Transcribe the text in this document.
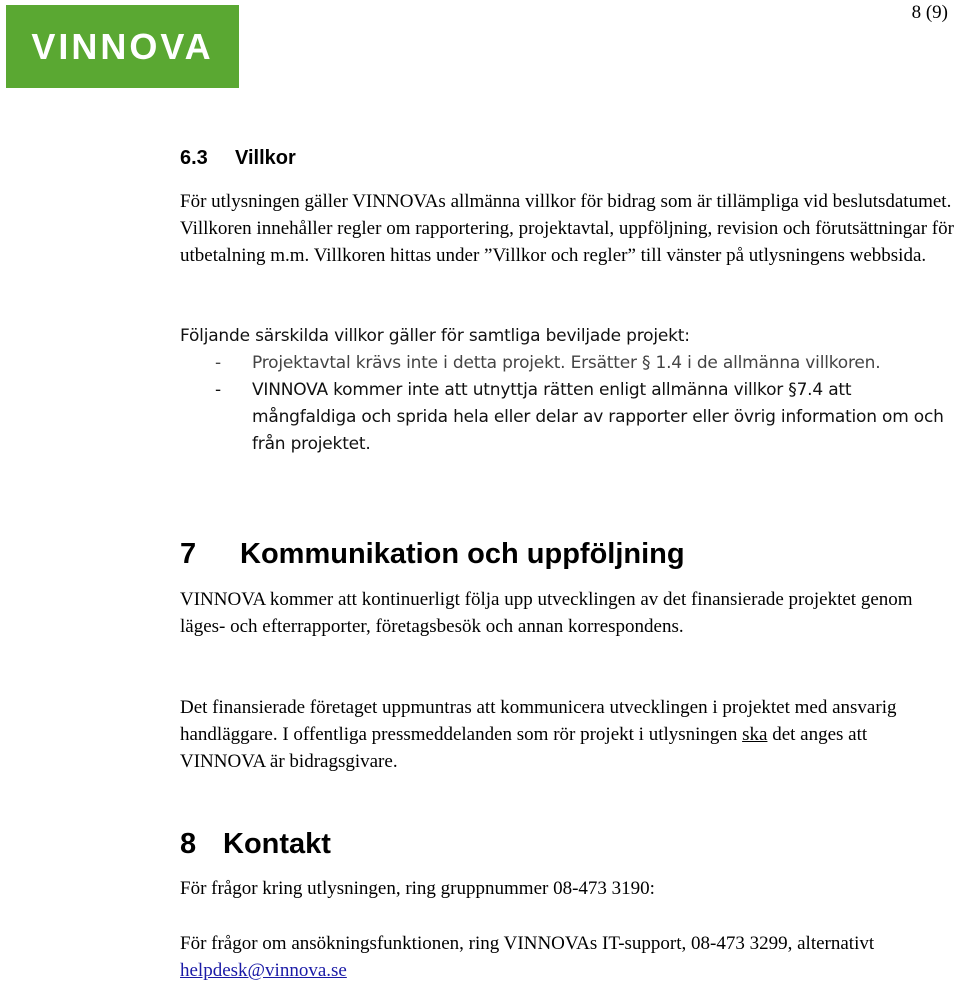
VINNOVA
8 (9)
6.3 Villkor

För utlysningen gäller VINNOVAs allmänna villkor för bidrag som är tillämpliga vid beslutsdatumet. Villkoren innehåller regler om rapportering, projektavtal, uppföljning, revision och förutsättningar för utbetalning m.m. Villkoren hittas under ”Villkor och regler” till vänster på utlysningens webbsida.

Följande särskilda villkor gäller för samtliga beviljade projekt:

- Projektavtal krävs inte i detta projekt. Ersätter § 1.4 i de allmänna villkoren.
- VINNOVA kommer inte att utnyttja rätten enligt allmänna villkor §7.4 att mångfaldiga och sprida hela eller delar av rapporter eller övrig information om och från projektet.
7 Kommunikation och uppföljning

VINNOVA kommer att kontinuerligt följa upp utvecklingen av det finansierade projektet genom läges- och efterrapporter, företagsbesök och annan korrespondens.

Det finansierade företaget uppmuntras att kommunicera utvecklingen i projektet med ansvarig handläggare. I offentliga pressmeddelanden som rör projekt i utlysningen ska det anges att VINNOVA är bidragsgivare.

8 Kontakt

För frågor kring utlysningen, ring gruppnummer 08-473 3190:

För frågor om ansökningsfunktionen, ring VINNOVAs IT-support, 08-473 3299, alternativt helpdesk@vinnova.se
